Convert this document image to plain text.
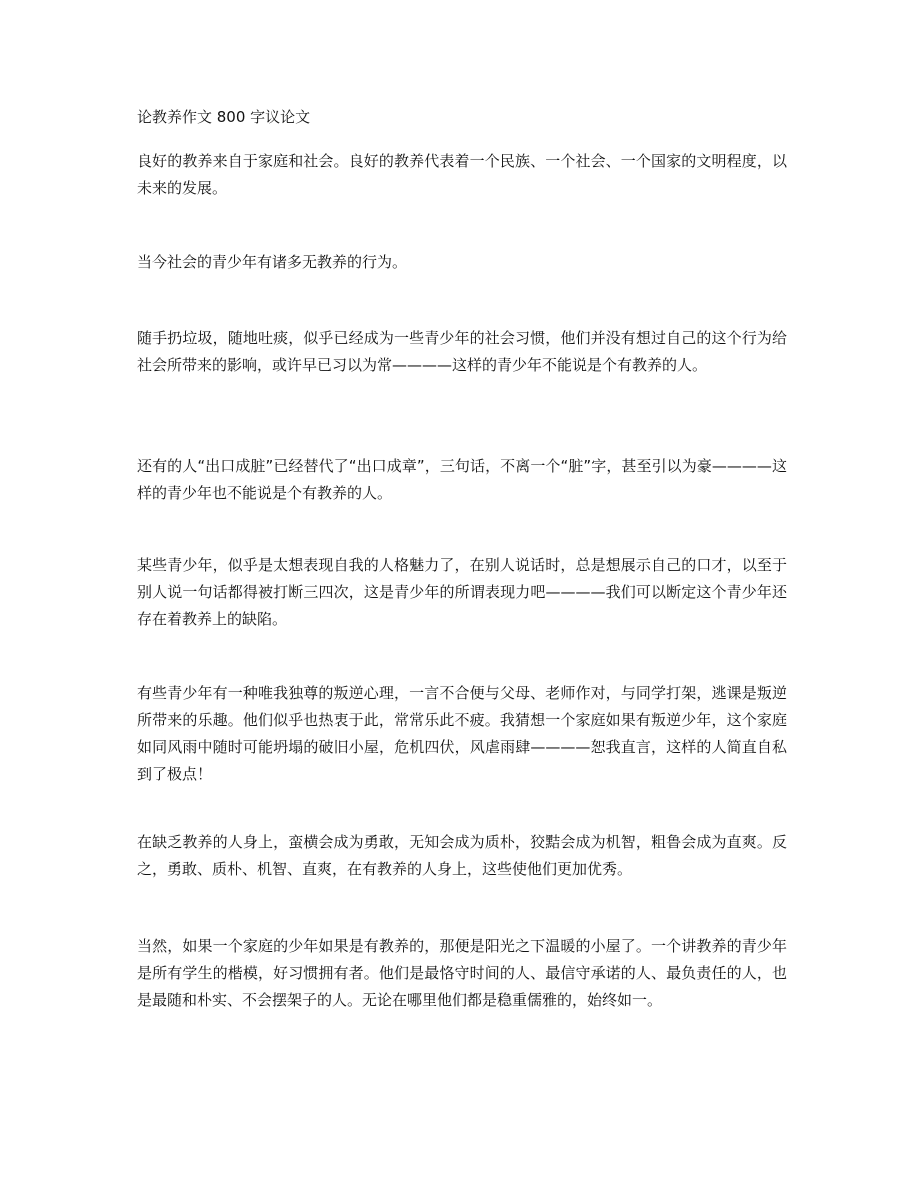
论教养作文 800 字议论文

良好的教养来自于家庭和社会。良好的教养代表着一个民族、一个社会、一个国家的文明程度，以未来的发展。

当今社会的青少年有诸多无教养的行为。

随手扔垃圾，随地吐痰，似乎已经成为一些青少年的社会习惯，他们并没有想过自己的这个行为给社会所带来的影响，或许早已习以为常————这样的青少年不能说是个有教养的人。

还有的人“出口成脏”已经替代了“出口成章”，三句话，不离一个“脏”字，甚至引以为豪————这样的青少年也不能说是个有教养的人。

某些青少年，似乎是太想表现自我的人格魅力了，在别人说话时，总是想展示自己的口才，以至于别人说一句话都得被打断三四次，这是青少年的所谓表现力吧————我们可以断定这个青少年还存在着教养上的缺陷。

有些青少年有一种唯我独尊的叛逆心理，一言不合便与父母、老师作对，与同学打架，逃课是叛逆所带来的乐趣。他们似乎也热衷于此，常常乐此不疲。我猜想一个家庭如果有叛逆少年，这个家庭如同风雨中随时可能坍塌的破旧小屋，危机四伏，风虐雨肆————恕我直言，这样的人简直自私到了极点！

在缺乏教养的人身上，蛮横会成为勇敢，无知会成为质朴，狡黠会成为机智，粗鲁会成为直爽。反之，勇敢、质朴、机智、直爽，在有教养的人身上，这些使他们更加优秀。

当然，如果一个家庭的少年如果是有教养的，那便是阳光之下温暖的小屋了。一个讲教养的青少年是所有学生的楷模，好习惯拥有者。他们是最恪守时间的人、最信守承诺的人、最负责任的人，也是最随和朴实、不会摆架子的人。无论在哪里他们都是稳重儒雅的，始终如一。
